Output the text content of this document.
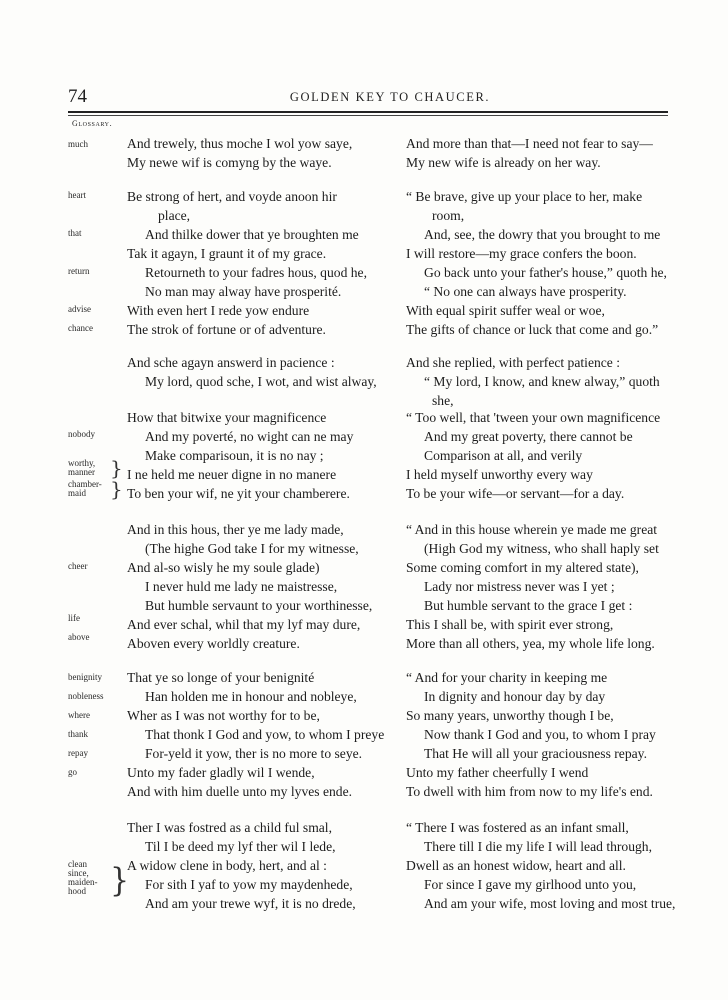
74	GOLDEN KEY TO CHAUCER.
Glossary.
much
heart
that
return
advise
chance
nobody
worthy,
manner }
chamber-
maid	}
cheer
life
above
benignity
nobleness
where
thank
repay
go
clean
since,
maiden-
hood }
And trewely, thus moche I wol yow saye,
My newe wif is comyng by the waye.
Be strong of hert, and voyde anoon hir
place,
And thilke dower that ye broughten me
Tak it agayn, I graunt it of my grace.
Retourneth to your fadres hous, quod he,
No man may alway have prosperité.
With even hert I rede yow endure
The strok of fortune or of adventure.
And sche agayn answerd in pacience :
My lord, quod sche, I wot, and wist alway,
How that bitwixe your magnificence
And my poverté, no wight can ne may
Make comparisoun, it is no nay ;
I ne held me neuer digne in no manere
To ben your wif, ne yit your chamberere.
And in this hous, ther ye me lady made,
(The highe God take I for my witnesse,
And al-so wisly he my soule glade)
I never huld me lady ne maistresse,
But humble servaunt to your worthinesse,
And ever schal, whil that my lyf may dure,
Aboven every worldly creature.
That ye so longe of your benignité
Han holden me in honour and nobleye,
Wher as I was not worthy for to be,
That thonk I God and yow, to whom I preye
For-yeld it yow, ther is no more to seye.
Unto my fader gladly wil I wende,
And with him duelle unto my lyves ende.
Ther I was fostred as a child ful smal,
Til I be deed my lyf ther wil I lede,
A widow clene in body, hert, and al :
For sith I yaf to yow my maydenhede,
And am your trewe wyf, it is no drede,
And more than that—I need not fear to say—
My new wife is already on her way.
“ Be brave, give up your place to her, make
room,
And, see, the dowry that you brought to me
I will restore—my grace confers the boon.
Go back unto your father's house,” quoth he,
“ No one can always have prosperity.
With equal spirit suffer weal or woe,
The gifts of chance or luck that come and go.”
And she replied, with perfect patience :
“ My lord, I know, and knew alway,” quoth
she,
“ Too well, that 'tween your own magnificence
And my great poverty, there cannot be
Comparison at all, and verily
I held myself unworthy every way
To be your wife—or servant—for a day.
“ And in this house wherein ye made me great
(High God my witness, who shall haply set
Some coming comfort in my altered state),
Lady nor mistress never was I yet ;
But humble servant to the grace I get :
This I shall be, with spirit ever strong,
More than all others, yea, my whole life long.
“ And for your charity in keeping me
In dignity and honour day by day
So many years, unworthy though I be,
Now thank I God and you, to whom I pray
That He will all your graciousness repay.
Unto my father cheerfully I wend
To dwell with him from now to my life's end.
“ There I was fostered as an infant small,
There till I die my life I will lead through,
Dwell as an honest widow, heart and all.
For since I gave my girlhood unto you,
And am your wife, most loving and most true,
